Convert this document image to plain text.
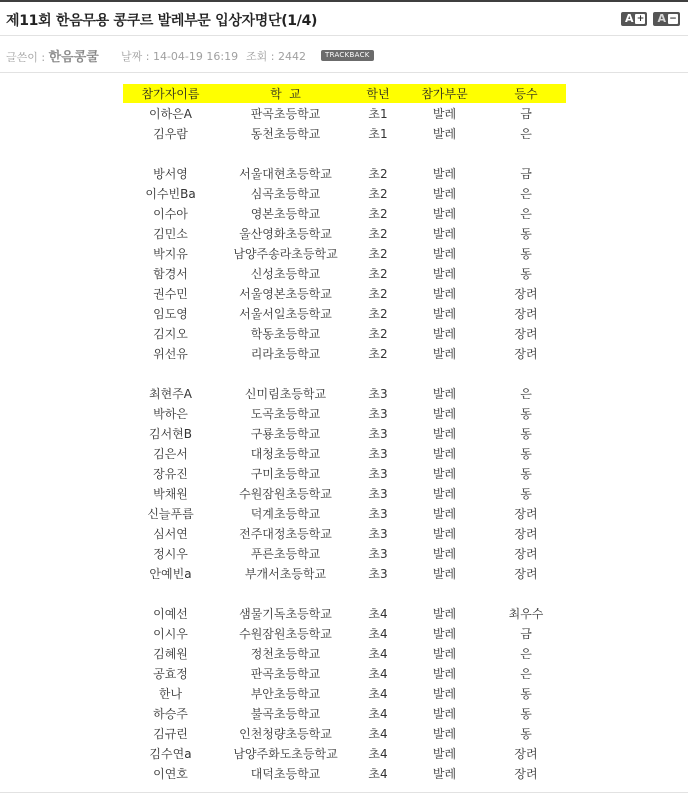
제11회 한음무용 콩쿠르 발레부문 입상자명단(1/4)	A + A −
글쓴이 : 한음콩쿨 날짜 : 14-04-19 16:19 조회 : 2442	TRACKBACK
참가자이름	학  교	학년	참가부문	등수
이하은A	판곡초등학교	초1	발레	금
김우람	동천초등학교	초1	발레	은

방서영	서울대현초등학교	초2	발레	금
이수빈Ba	심곡초등학교	초2	발레	은
이수아	영본초등학교	초2	발레	은
김민소	울산영화초등학교	초2	발레	동
박지유	남양주송라초등학교	초2	발레	동
함경서	신성초등학교	초2	발레	동
권수민	서울영본초등학교	초2	발레	장려
임도영	서울서일초등학교	초2	발레	장려
김지오	학동초등학교	초2	발레	장려
위선유	리라초등학교	초2	발레	장려

최현주A	신미림초등학교	초3	발레	은
박하은	도곡초등학교	초3	발레	동
김서현B	구룡초등학교	초3	발레	동
김은서	대청초등학교	초3	발레	동
장유진	구미초등학교	초3	발레	동
박채원	수원잠원초등학교	초3	발레	동
신늘푸름	덕계초등학교	초3	발레	장려
심서연	전주대정초등학교	초3	발레	장려
정시우	푸른초등학교	초3	발레	장려
안예빈a	부개서초등학교	초3	발레	장려

이예선	샘물기독초등학교	초4	발레	최우수
이시우	수원잠원초등학교	초4	발레	금
김혜원	정천초등학교	초4	발레	은
공효정	판곡초등학교	초4	발레	은
한나	부안초등학교	초4	발레	동
하승주	불곡초등학교	초4	발레	동
김규린	인천청량초등학교	초4	발레	동
김수연a	남양주화도초등학교	초4	발레	장려
이연호	대덕초등학교	초4	발레	장려
